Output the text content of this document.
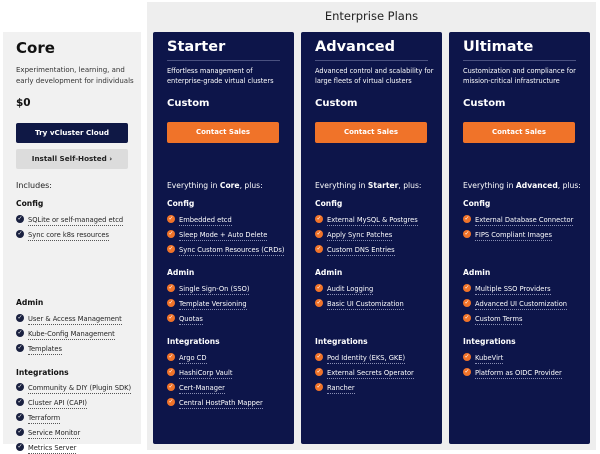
Enterprise Plans
Core
Experimentation, learning, and early development for individuals
$0
Try vCluster Cloud
Install Self-Hosted ›
Includes:
Config
✓ SQLite or self-managed etcd
✓ Sync core k8s resources
Admin
✓ User & Access Management
✓ Kube-Config Management
✓ Templates
Integrations
✓ Community & DIY (Plugin SDK)
✓ Cluster API (CAPI)
✓ Terraform
✓ Service Monitor
✓ Metrics Server
Starter
Effortless management of enterprise-grade virtual clusters
Custom
Contact Sales
Everything in Core, plus:
Config
✓ Embedded etcd
✓ Sleep Mode + Auto Delete
✓ Sync Custom Resources (CRDs)
Admin
✓ Single Sign-On (SSO)
✓ Template Versioning
✓ Quotas
Integrations
✓ Argo CD
✓ HashiCorp Vault
✓ Cert-Manager
✓ Central HostPath Mapper
Advanced
Advanced control and scalability for large fleets of virtual clusters
Custom
Contact Sales
Everything in Starter, plus:
Config
✓ External MySQL & Postgres
✓ Apply Sync Patches
✓ Custom DNS Entries
Admin
✓ Audit Logging
✓ Basic UI Customization
Integrations
✓ Pod Identity (EKS, GKE)
✓ External Secrets Operator
✓ Rancher
Ultimate
Customization and compliance for mission-critical infrastructure
Custom
Contact Sales
Everything in Advanced, plus:
Config
✓ External Database Connector
✓ FIPS Compliant Images
Admin
✓ Multiple SSO Providers
✓ Advanced UI Customization
✓ Custom Terms
Integrations
✓ KubeVirt
✓ Platform as OIDC Provider
